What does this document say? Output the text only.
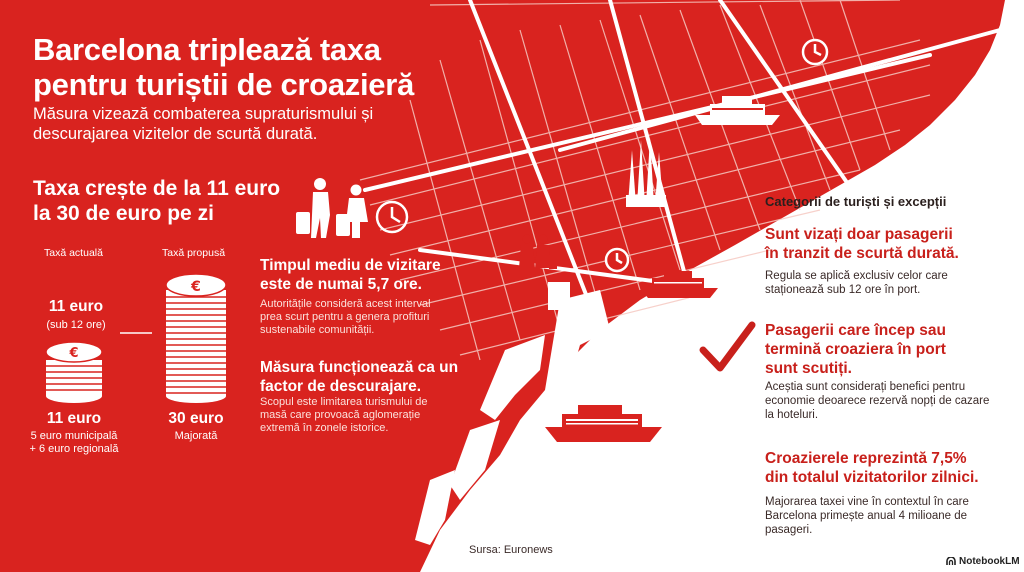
€
€
Barcelona triplează taxa
pentru turiștii de croazieră
Măsura vizează combaterea supraturismului și
descurajarea vizitelor de scurtă durată.
Taxa crește de la 11 euro
la 30 de euro pe zi
Taxă actuală	Taxă propusă
11 euro
(sub 12 ore)
11 euro
5 euro municipală
+ 6 euro regională
30 euro
Majorată
Timpul mediu de vizitare
este de numai 5,7 ore.
Autoritățile consideră acest interval
prea scurt pentru a genera profituri
sustenabile comunității.
Măsura funcționează ca un
factor de descurajare.
Scopul este limitarea turismului de
masă care provoacă aglomerație
extremă în zonele istorice.
Categorii de turiști și excepții
Sunt vizați doar pasagerii
în tranzit de scurtă durată.
Regula se aplică exclusiv celor care
staționează sub 12 ore în port.
Pasagerii care încep sau
termină croaziera în port
sunt scutiți.
Aceștia sunt considerați benefici pentru
economie deoarece rezervă nopți de cazare
la hoteluri.
Croazierele reprezintă 7,5%
din totalul vizitatorilor zilnici.
Majorarea taxei vine în contextul în care
Barcelona primește anual 4 milioane de
pasageri.
Sursa: Euronews
NotebookLM
